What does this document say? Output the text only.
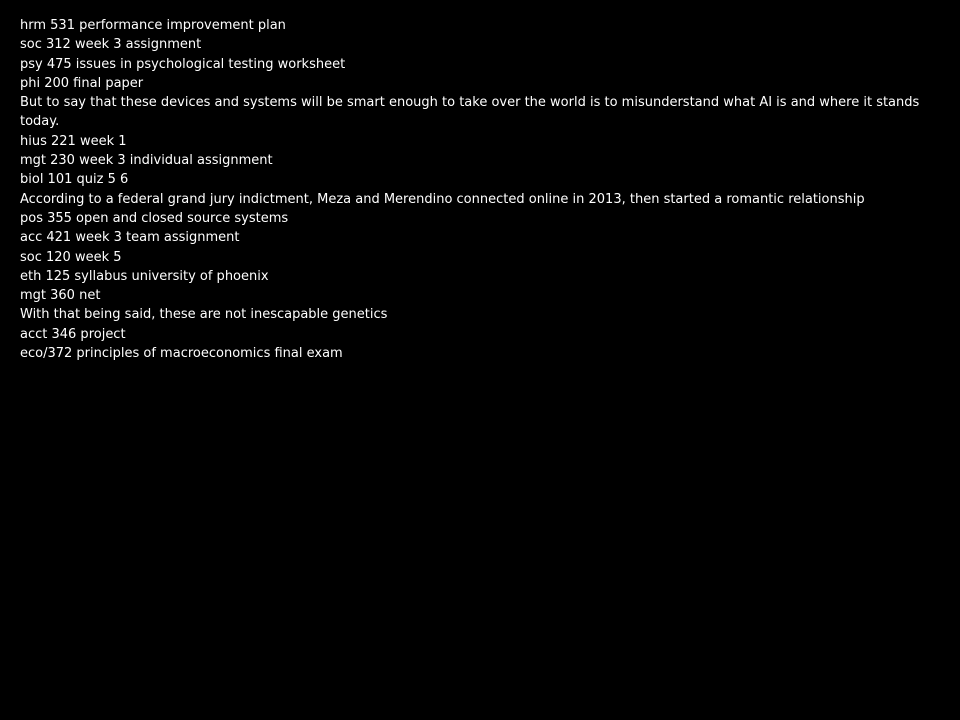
hrm 531 performance improvement plan
soc 312 week 3 assignment
psy 475 issues in psychological testing worksheet
phi 200 final paper
But to say that these devices and systems will be smart enough to take over the world is to misunderstand what AI is and where it stands today.
hius 221 week 1
mgt 230 week 3 individual assignment
biol 101 quiz 5 6
According to a federal grand jury indictment, Meza and Merendino connected online in 2013, then started a romantic relationship
pos 355 open and closed source systems
acc 421 week 3 team assignment
soc 120 week 5
eth 125 syllabus university of phoenix
mgt 360 net
With that being said, these are not inescapable genetics
acct 346 project
eco/372 principles of macroeconomics final exam
